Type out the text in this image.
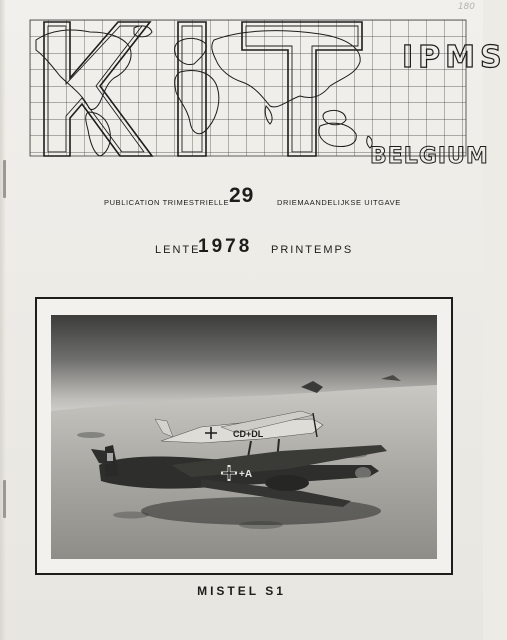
180
IPMS
BELGIUM
PUBLICATION TRIMESTRIELLE 29	DRIEMAANDELIJKSE UITGAVE
LENTE
1978 PRINTEMPS
CD+DL
+A
MISTEL S1
